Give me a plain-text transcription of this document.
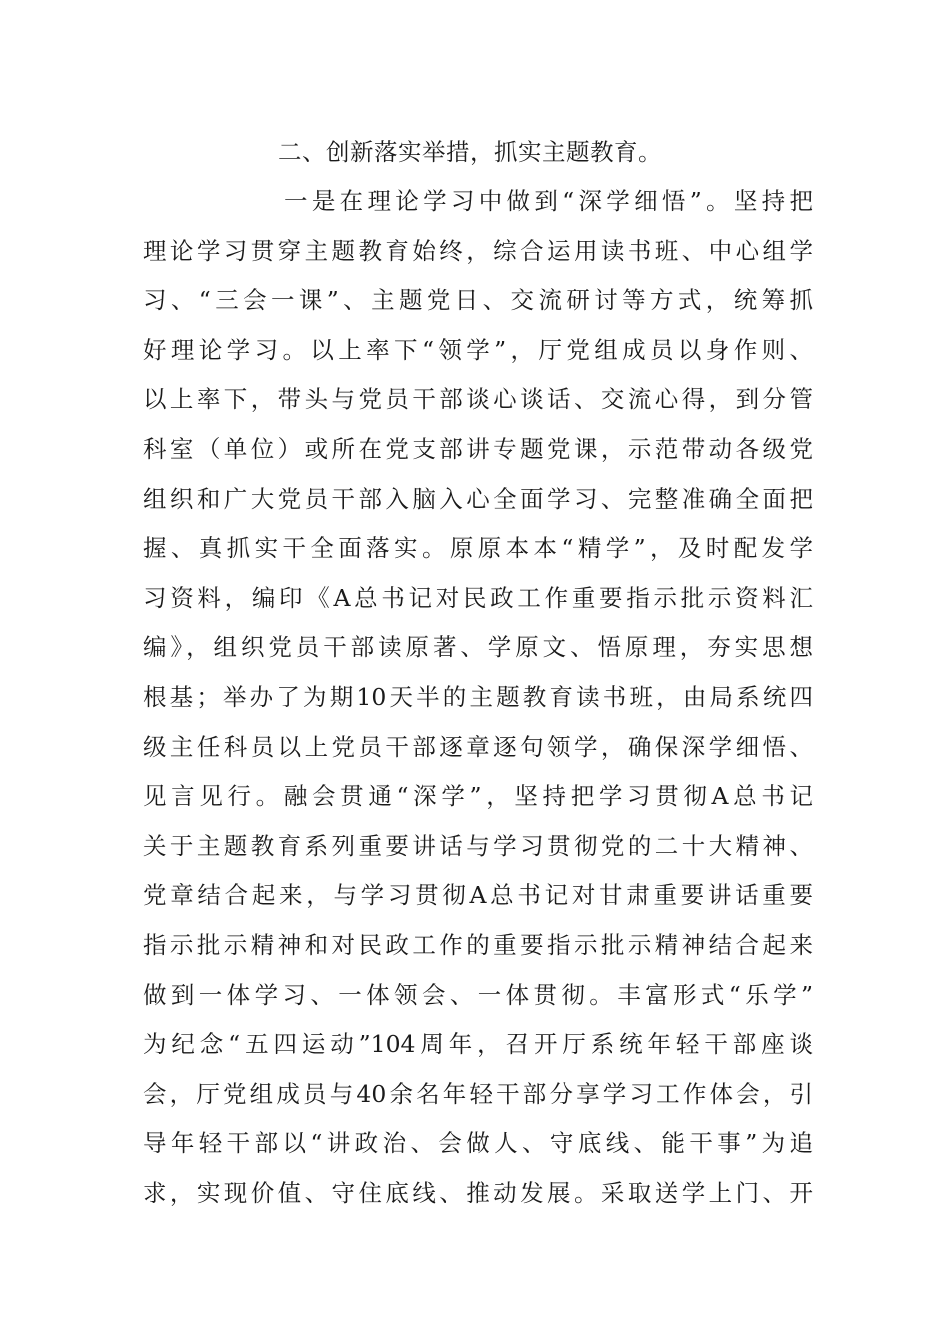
二、创新落实举措，抓实主题教育。
一是在理论学习中做到“深学细悟”。坚持把
理论学习贯穿主题教育始终，综合运用读书班、中心组学
习、“三会一课”、主题党日、交流研讨等方式，统筹抓
好理论学习。以上率下“领学”，厅党组成员以身作则、
以上率下，带头与党员干部谈心谈话、交流心得，到分管
科室（单位）或所在党支部讲专题党课，示范带动各级党
组织和广大党员干部入脑入心全面学习、完整准确全面把
握、真抓实干全面落实。原原本本“精学”，及时配发学
习资料，编印《A总书记对民政工作重要指示批示资料汇
编》，组织党员干部读原著、学原文、悟原理，夯实思想
根基；举办了为期10天半的主题教育读书班，由局系统四
级主任科员以上党员干部逐章逐句领学，确保深学细悟、
见言见行。融会贯通“深学”，坚持把学习贯彻A总书记
关于主题教育系列重要讲话与学习贯彻党的二十大精神、
党章结合起来，与学习贯彻A总书记对甘肃重要讲话重要
指示批示精神和对民政工作的重要指示批示精神结合起来
做到一体学习、一体领会、一体贯彻。丰富形式“乐学”
为纪念“五四运动”104周年，召开厅系统年轻干部座谈
会，厅党组成员与40余名年轻干部分享学习工作体会，引
导年轻干部以“讲政治、会做人、守底线、能干事”为追
求，实现价值、守住底线、推动发展。采取送学上门、开
